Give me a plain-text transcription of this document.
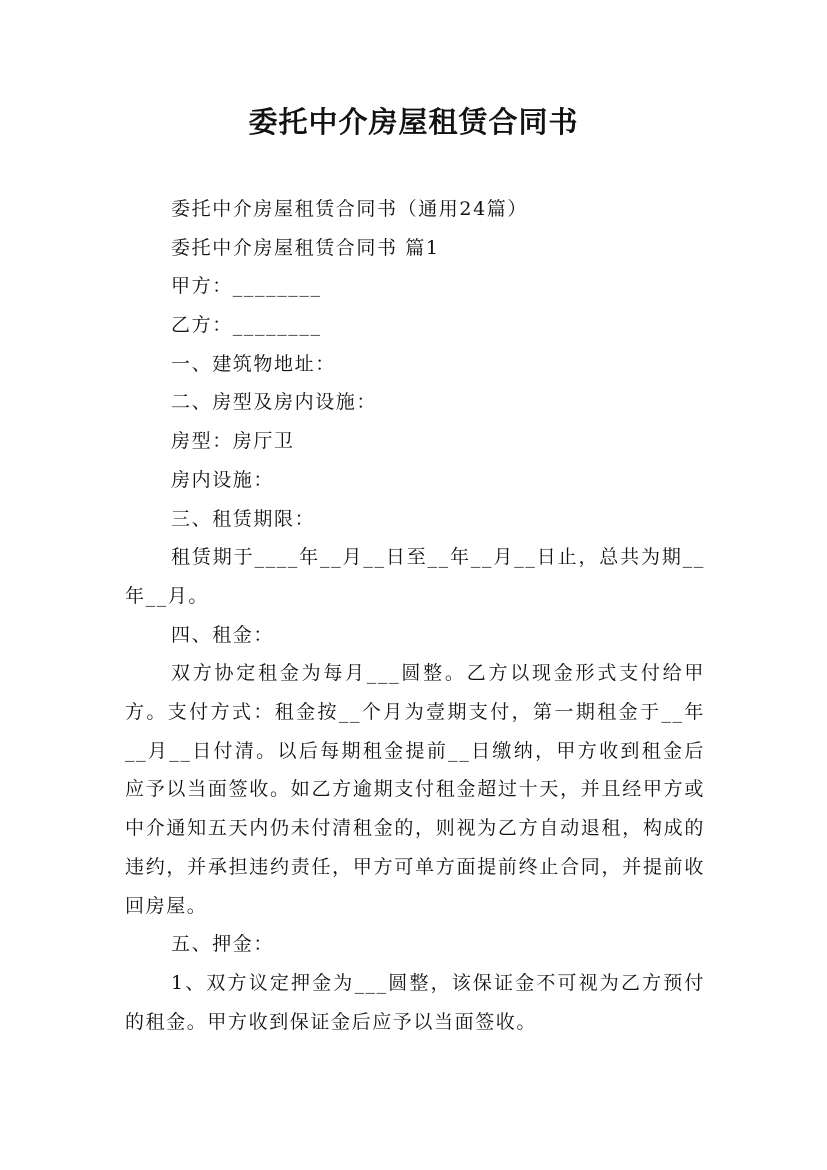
委托中介房屋租赁合同书
委托中介房屋租赁合同书（通用24篇）
委托中介房屋租赁合同书 篇1
甲方：________
乙方：________
一、建筑物地址：
二、房型及房内设施：
房型：房厅卫
房内设施：
三、租赁期限：
租赁期于____年__月__日至__年__月__日止，总共为期__年__月。
四、租金：
双方协定租金为每月___圆整。乙方以现金形式支付给甲方。支付方式：租金按__个月为壹期支付，第一期租金于__年__月__日付清。以后每期租金提前__日缴纳，甲方收到租金后应予以当面签收。如乙方逾期支付租金超过十天，并且经甲方或中介通知五天内仍未付清租金的，则视为乙方自动退租，构成的违约，并承担违约责任，甲方可单方面提前终止合同，并提前收回房屋。
五、押金：
1、双方议定押金为___圆整，该保证金不可视为乙方预付的租金。甲方收到保证金后应予以当面签收。
